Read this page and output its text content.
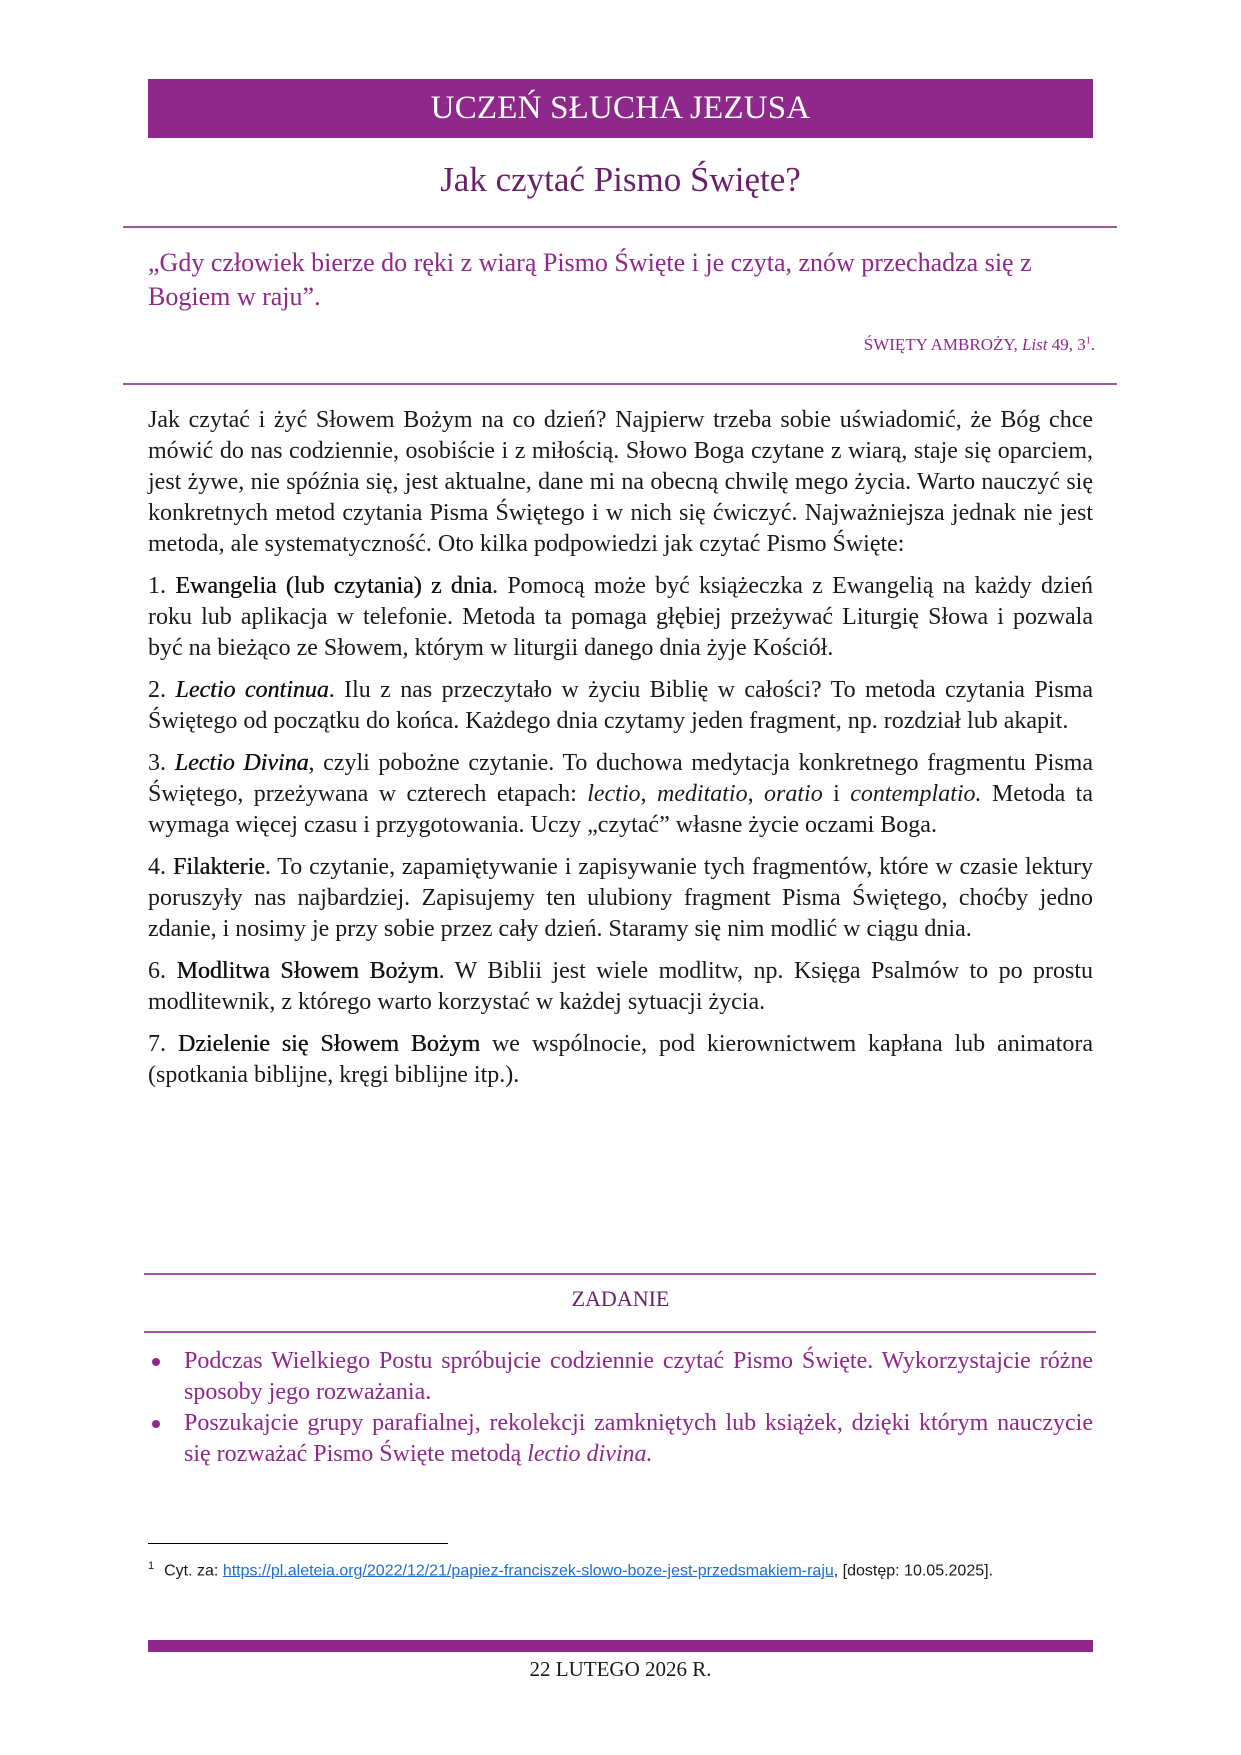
UCZEŃ SŁUCHA JEZUSA
Jak czytać Pismo Święte?
„Gdy człowiek bierze do ręki z wiarą Pismo Święte i je czyta, znów przechadza się z Bogiem w raju”.
ŚWIĘTY AMBROŻY, List 49, $3^1$.

Jak czytać i żyć Słowem Bożym na co dzień? Najpierw trzeba sobie uświadomić, że Bóg chce mówić do nas codziennie, osobiście i z miłością. Słowo Boga czytane z wiarą, staje się oparciem, jest żywe, nie spóźnia się, jest aktualne, dane mi na obecną chwilę mego życia. Warto nauczyć się konkretnych metod czytania Pisma Świętego i w nich się ćwiczyć. Najważniejsza jednak nie jest metoda, ale systematyczność. Oto kilka podpowiedzi jak czytać Pismo Święte:

1. Ewangelia (lub czytania) z dnia. Pomocą może być książeczka z Ewangelią na każdy dzień roku lub aplikacja w telefonie. Metoda ta pomaga głębiej przeżywać Liturgię Słowa i pozwala być na bieżąco ze Słowem, którym w liturgii danego dnia żyje Kościół.

2. Lectio continua. Ilu z nas przeczytało w życiu Biblię w całości? To metoda czytania Pisma Świętego od początku do końca. Każdego dnia czytamy jeden fragment, np. rozdział lub akapit.

3. Lectio Divina, czyli pobożne czytanie. To duchowa medytacja konkretnego fragmentu Pisma Świętego, przeżywana w czterech etapach: lectio, meditatio, oratio i contemplatio. Metoda ta wymaga więcej czasu i przygotowania. Uczy „czytać” własne życie oczami Boga.

4. Filakterie. To czytanie, zapamiętywanie i zapisywanie tych fragmentów, które w czasie lektury poruszyły nas najbardziej. Zapisujemy ten ulubiony fragment Pisma Świętego, choćby jedno zdanie, i nosimy je przy sobie przez cały dzień. Staramy się nim modlić w ciągu dnia.

6. Modlitwa Słowem Bożym. W Biblii jest wiele modlitw, np. Księga Psalmów to po prostu modlitewnik, z którego warto korzystać w każdej sytuacji życia.

7. Dzielenie się Słowem Bożym we wspólnocie, pod kierownictwem kapłana lub animatora (spotkania biblijne, kręgi biblijne itp.).

ZADANIE
Podczas Wielkiego Postu spróbujcie codziennie czytać Pismo Święte. Wykorzystajcie różne sposoby jego rozważania.
Poszukajcie grupy parafialnej, rekolekcji zamkniętych lub książek, dzięki którym nauczycie się rozważać Pismo Święte metodą lectio divina.
$^1$ Cyt. za: https://pl.aleteia.org/2022/12/21/papiez-franciszek-slowo-boze-jest-przedsmakiem-raju, [dostęp: 10.05.2025].
22 LUTEGO 2026 R.
